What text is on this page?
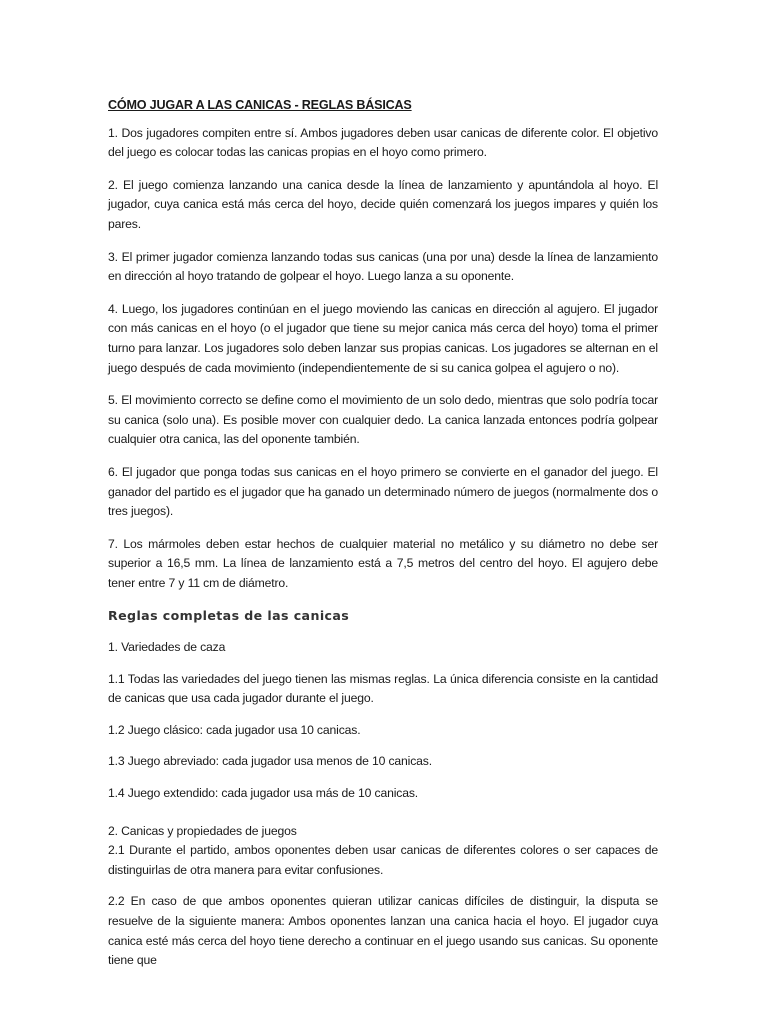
CÓMO JUGAR A LAS CANICAS - REGLAS BÁSICAS

1. Dos jugadores compiten entre sí. Ambos jugadores deben usar canicas de diferente color. El objetivo del juego es colocar todas las canicas propias en el hoyo como primero.

2. El juego comienza lanzando una canica desde la línea de lanzamiento y apuntándola al hoyo. El jugador, cuya canica está más cerca del hoyo, decide quién comenzará los juegos impares y quién los pares.

3. El primer jugador comienza lanzando todas sus canicas (una por una) desde la línea de lanzamiento en dirección al hoyo tratando de golpear el hoyo. Luego lanza a su oponente.

4. Luego, los jugadores continúan en el juego moviendo las canicas en dirección al agujero. El jugador con más canicas en el hoyo (o el jugador que tiene su mejor canica más cerca del hoyo) toma el primer turno para lanzar. Los jugadores solo deben lanzar sus propias canicas. Los jugadores se alternan en el juego después de cada movimiento (independientemente de si su canica golpea el agujero o no).

5. El movimiento correcto se define como el movimiento de un solo dedo, mientras que solo podría tocar su canica (solo una). Es posible mover con cualquier dedo. La canica lanzada entonces podría golpear cualquier otra canica, las del oponente también.

6. El jugador que ponga todas sus canicas en el hoyo primero se convierte en el ganador del juego. El ganador del partido es el jugador que ha ganado un determinado número de juegos (normalmente dos o tres juegos).

7. Los mármoles deben estar hechos de cualquier material no metálico y su diámetro no debe ser superior a 16,5 mm. La línea de lanzamiento está a 7,5 metros del centro del hoyo. El agujero debe tener entre 7 y 11 cm de diámetro.

Reglas completas de las canicas

1. Variedades de caza

1.1 Todas las variedades del juego tienen las mismas reglas. La única diferencia consiste en la cantidad de canicas que usa cada jugador durante el juego.

1.2 Juego clásico: cada jugador usa 10 canicas.

1.3 Juego abreviado: cada jugador usa menos de 10 canicas.

1.4 Juego extendido: cada jugador usa más de 10 canicas.

2. Canicas y propiedades de juegos

2.1 Durante el partido, ambos oponentes deben usar canicas de diferentes colores o ser capaces de distinguirlas de otra manera para evitar confusiones.

2.2 En caso de que ambos oponentes quieran utilizar canicas difíciles de distinguir, la disputa se resuelve de la siguiente manera: Ambos oponentes lanzan una canica hacia el hoyo. El jugador cuya canica esté más cerca del hoyo tiene derecho a continuar en el juego usando sus canicas. Su oponente tiene que
